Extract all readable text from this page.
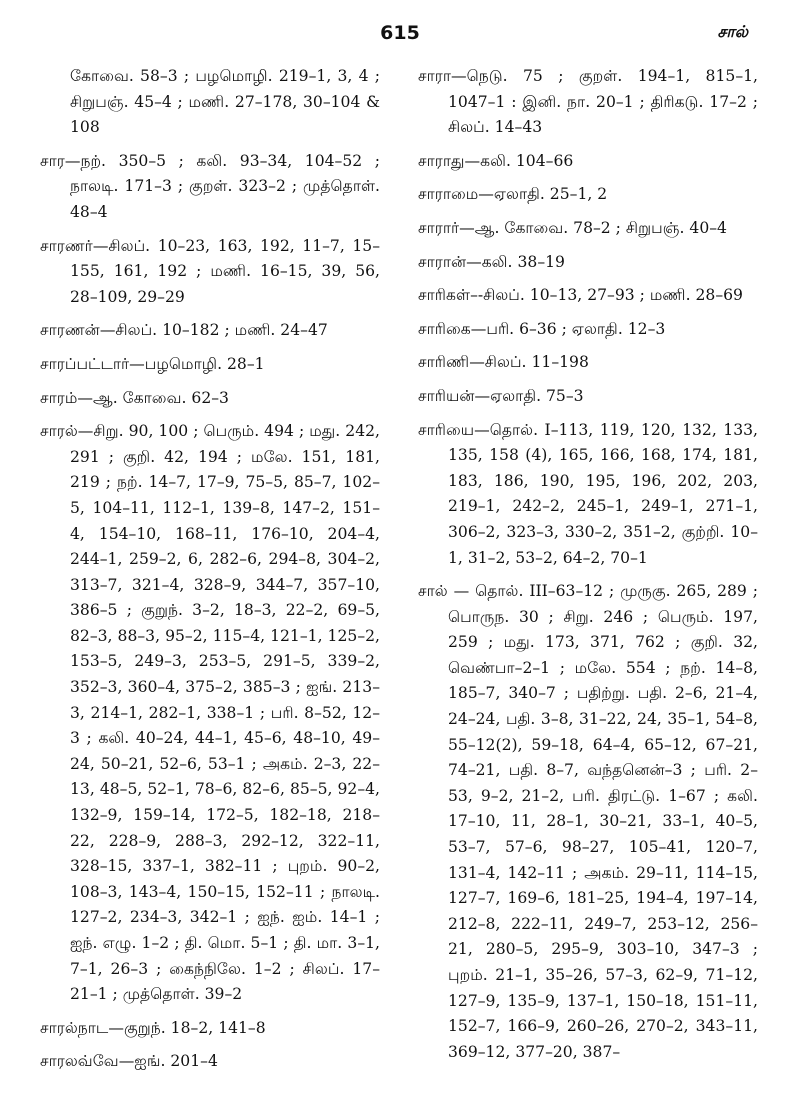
615	சால்
கோவை. 58–3 ; பழமொழி. 219–1, 3, 4 ; சிறுபஞ். 45–4 ; மணி. 27–178, 30–104 & 108
சார—நற். 350–5 ; கலி. 93–34, 104–52 ; நாலடி. 171–3 ; குறள். 323–2 ; முத்தொள். 48–4
சாரணர்—சிலப். 10–23, 163, 192, 11–7, 15–155, 161, 192 ; மணி. 16–15, 39, 56, 28–109, 29–29
சாரணன்—சிலப். 10–182 ; மணி. 24–47
சாரப்பட்டார்—பழமொழி. 28–1
சாரம்—ஆ. கோவை. 62–3
சாரல்—சிறு. 90, 100 ; பெரும். 494 ; மது. 242, 291 ; குறி. 42, 194 ; மலே. 151, 181, 219 ; நற். 14–7, 17–9, 75–5, 85–7, 102–5, 104–11, 112–1, 139–8, 147–2, 151–4, 154–10, 168–11, 176–10, 204–4, 244–1, 259–2, 6, 282–6, 294–8, 304–2, 313–7, 321–4, 328–9, 344–7, 357–10, 386–5 ; குறுந். 3–2, 18–3, 22–2, 69–5, 82–3, 88–3, 95–2, 115–4, 121–1, 125–2, 153–5, 249–3, 253–5, 291–5, 339–2, 352–3, 360–4, 375–2, 385–3 ; ஐங். 213–3, 214–1, 282–1, 338–1 ; பரி. 8–52, 12–3 ; கலி. 40–24, 44–1, 45–6, 48–10, 49–24, 50–21, 52–6, 53–1 ; அகம். 2–3, 22–13, 48–5, 52–1, 78–6, 82–6, 85–5, 92–4, 132–9, 159–14, 172–5, 182–18, 218–22, 228–9, 288–3, 292–12, 322–11, 328–15, 337–1, 382–11 ; புறம். 90–2, 108–3, 143–4, 150–15, 152–11 ; நாலடி. 127–2, 234–3, 342–1 ; ஐந். ஐம். 14–1 ; ஐந். எழு. 1–2 ; தி. மொ. 5–1 ; தி. மா. 3–1, 7–1, 26–3 ; கைந்நிலே. 1–2 ; சிலப். 17–21–1 ; முத்தொள். 39–2
சாரல்நாட—குறுந். 18–2, 141–8
சாரலவ்வே—ஐங். 201–4
சாரா—நெடு. 75 ; குறள். 194–1, 815–1, 1047–1 : இனி. நா. 20–1 ; திரிகடு. 17–2 ; சிலப். 14–43
சாராது—கலி. 104–66
சாராமை—ஏலாதி. 25–1, 2
சாரார்—ஆ. கோவை. 78–2 ; சிறுபஞ். 40–4
சாரான்—கலி. 38–19
சாரிகள்–-சிலப். 10–13, 27–93 ; மணி. 28–69
சாரிகை—பரி. 6–36 ; ஏலாதி. 12–3
சாரிணி—சிலப். 11–198
சாரியன்—ஏலாதி. 75–3
சாரியை—தொல். I–113, 119, 120, 132, 133, 135, 158 (4), 165, 166, 168, 174, 181, 183, 186, 190, 195, 196, 202, 203, 219–1, 242–2, 245–1, 249–1, 271–1, 306–2, 323–3, 330–2, 351–2, குற்றி. 10–1, 31–2, 53–2, 64–2, 70–1
சால் — தொல். III–63–12 ; முருகு. 265, 289 ; பொருந. 30 ; சிறு. 246 ; பெரும். 197, 259 ; மது. 173, 371, 762 ; குறி. 32, வெண்பா–2–1 ; மலே. 554 ; நற். 14–8, 185–7, 340–7 ; பதிற்று. பதி. 2–6, 21–4, 24–24, பதி. 3–8, 31–22, 24, 35–1, 54–8, 55–12(2), 59–18, 64–4, 65–12, 67–21, 74–21, பதி. 8–7, வந்தனென்–3 ; பரி. 2–53, 9–2, 21–2, பரி. திரட்டு. 1–67 ; கலி. 17–10, 11, 28–1, 30–21, 33–1, 40–5, 53–7, 57–6, 98–27, 105–41, 120–7, 131–4, 142–11 ; அகம். 29–11, 114–15, 127–7, 169–6, 181–25, 194–4, 197–14, 212–8, 222–11, 249–7, 253–12, 256–21, 280–5, 295–9, 303–10, 347–3 ; புறம். 21–1, 35–26, 57–3, 62–9, 71–12, 127–9, 135–9, 137–1, 150–18, 151–11, 152–7, 166–9, 260–26, 270–2, 343–11, 369–12, 377–20, 387–
